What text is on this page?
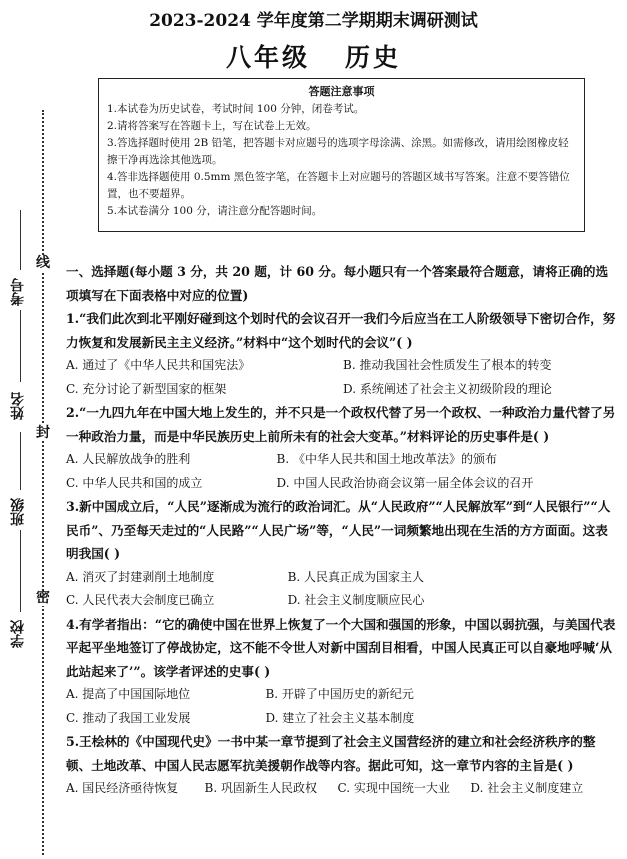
2023-2024 学年度第二学期期末调研测试
八年级   历史
答题注意事项
1.本试卷为历史试卷，考试时间 100 分钟，闭卷考试。
2.请将答案写在答题卡上，写在试卷上无效。
3.答选择题时使用 2B 铅笔，把答题卡对应题号的选项字母涂满、涂黑。如需修改，请用绘图橡皮轻擦干净再选涂其他选项。
4.答非选择题使用 0.5mm 黑色签字笔，在答题卡上对应题号的答题区域书写答案。注意不要答错位置，也不要超界。
5.本试卷满分 100 分，请注意分配答题时间。
线
封
密
考号
姓名
班级
学校

一、选择题(每小题 3 分，共 20 题，计 60 分。每小题只有一个答案最符合题意，请将正确的选项填写在下面表格中对应的位置)

1.“我们此次到北平刚好碰到这个划时代的会议召开一我们今后应当在工人阶级领导下密切合作，努力恢复和发展新民主主义经济。”材料中“这个划时代的会议”( )

A. 通过了《中华人民共和国宪法》	B. 推动我国社会性质发生了根本的转变
C. 充分讨论了新型国家的框架	D. 系统阐述了社会主义初级阶段的理论

2.“一九四九年在中国大地上发生的，并不只是一个政权代替了另一个政权、一种政治力量代替了另一种政治力量，而是中华民族历史上前所未有的社会大变革。”材料评论的历史事件是( )

A. 人民解放战争的胜利	B. 《中华人民共和国土地改革法》的颁布
C. 中华人民共和国的成立	D. 中国人民政治协商会议第一届全体会议的召开

3.新中国成立后，“人民”逐渐成为流行的政治词汇。从“人民政府”“人民解放军”到“人民银行”“人民币”、乃至每天走过的“人民路”“人民广场”等，“人民”一词频繁地出现在生活的方方面面。这表明我国( )

A. 消灭了封建剥削土地制度	B. 人民真正成为国家主人
C. 人民代表大会制度已确立	D. 社会主义制度顺应民心

4.有学者指出：“它的确使中国在世界上恢复了一个大国和强国的形象，中国以弱抗强，与美国代表平起平坐地签订了停战协定，这不能不令世人对新中国刮目相看，中国人民真正可以自豪地呼喊‘从此站起来了’”。该学者评述的史事( )

A. 提高了中国国际地位	B. 开辟了中国历史的新纪元
C. 推动了我国工业发展	D. 建立了社会主义基本制度

5.王桧林的《中国现代史》一书中某一章节提到了社会主义国营经济的建立和社会经济秩序的整顿、土地改革、中国人民志愿军抗美援朝作战等内容。据此可知，这一章节内容的主旨是( )

A. 国民经济亟待恢复	B. 巩固新生人民政权	C. 实现中国统一大业	D. 社会主义制度建立
